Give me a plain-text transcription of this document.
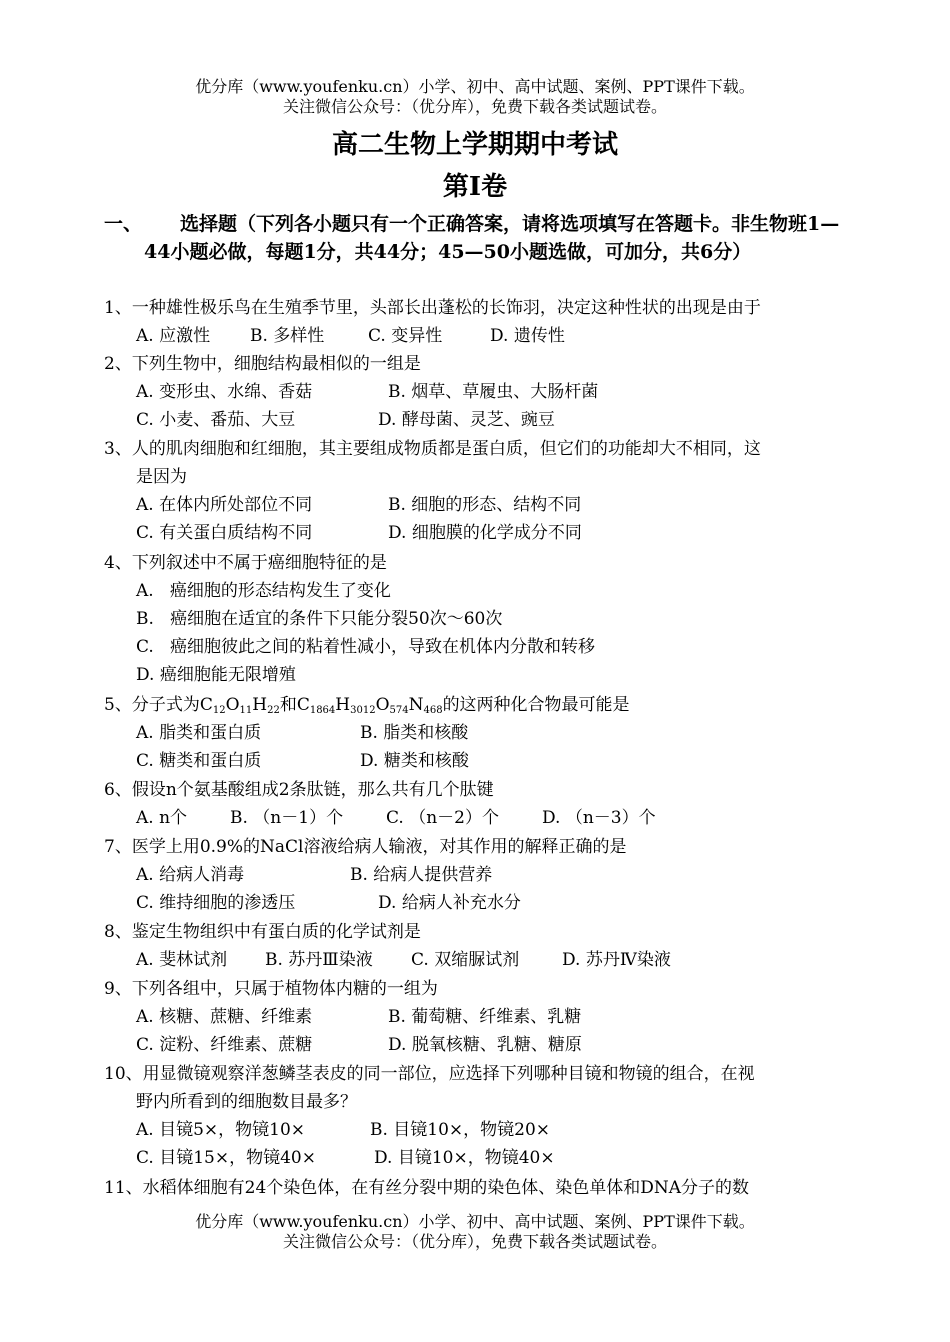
优分库（www.youfenku.cn）小学、初中、高中试题、案例、PPT课件下载。
关注微信公众号：（优分库），免费下载各类试题试卷。
高二生物上学期期中考试
第Ⅰ卷
一、	选择题（下列各小题只有一个正确答案，请将选项填写在答题卡。非生物班1—44小题必做，每题1分，共44分；45—50小题选做，可加分，共6分）
1、一种雄性极乐鸟在生殖季节里，头部长出蓬松的长饰羽，决定这种性状的出现是由于
A. 应激性 B. 多样性	C. 变异性	D. 遗传性
2、下列生物中，细胞结构最相似的一组是
A. 变形虫、水绵、香菇	B. 烟草、草履虫、大肠杆菌
C. 小麦、番茄、大豆	D. 酵母菌、灵芝、豌豆
3、人的肌肉细胞和红细胞，其主要组成物质都是蛋白质，但它们的功能却大不相同，这
是因为
A. 在体内所处部位不同	B. 细胞的形态、结构不同
C. 有关蛋白质结构不同	D. 细胞膜的化学成分不同
4、下列叙述中不属于癌细胞特征的是
A.   癌细胞的形态结构发生了变化
B.   癌细胞在适宜的条件下只能分裂50次～60次
C.   癌细胞彼此之间的粘着性减小，导致在机体内分散和转移
D. 癌细胞能无限增殖
5、分子式为$C_{12}O_{11}H_{22}$和$C_{1864}H_{3012}O_{574}N_{468}$的这两种化合物最可能是
A. 脂类和蛋白质	B. 脂类和核酸
C. 糖类和蛋白质	D. 糖类和核酸
6、假设n个氨基酸组成2条肽链，那么共有几个肽键
A. n个	B. （n－1）个	C. （n－2）个	D. （n－3）个
7、医学上用0.9%的NaCl溶液给病人输液，对其作用的解释正确的是
A. 给病人消毒	B. 给病人提供营养
C. 维持细胞的渗透压	D. 给病人补充水分
8、鉴定生物组织中有蛋白质的化学试剂是
A. 斐林试剂 B. 苏丹Ⅲ染液 C. 双缩脲试剂	D. 苏丹Ⅳ染液
9、下列各组中，只属于植物体内糖的一组为
A. 核糖、蔗糖、纤维素	B. 葡萄糖、纤维素、乳糖
C. 淀粉、纤维素、蔗糖	D. 脱氧核糖、乳糖、糖原
10、用显微镜观察洋葱鳞茎表皮的同一部位，应选择下列哪种目镜和物镜的组合，在视
野内所看到的细胞数目最多？
A. 目镜5×，物镜10×	B. 目镜10×，物镜20×
C. 目镜15×，物镜40×	D. 目镜10×，物镜40×
11、水稻体细胞有24个染色体，在有丝分裂中期的染色体、染色单体和DNA分子的数
优分库（www.youfenku.cn）小学、初中、高中试题、案例、PPT课件下载。
关注微信公众号：（优分库），免费下载各类试题试卷。
